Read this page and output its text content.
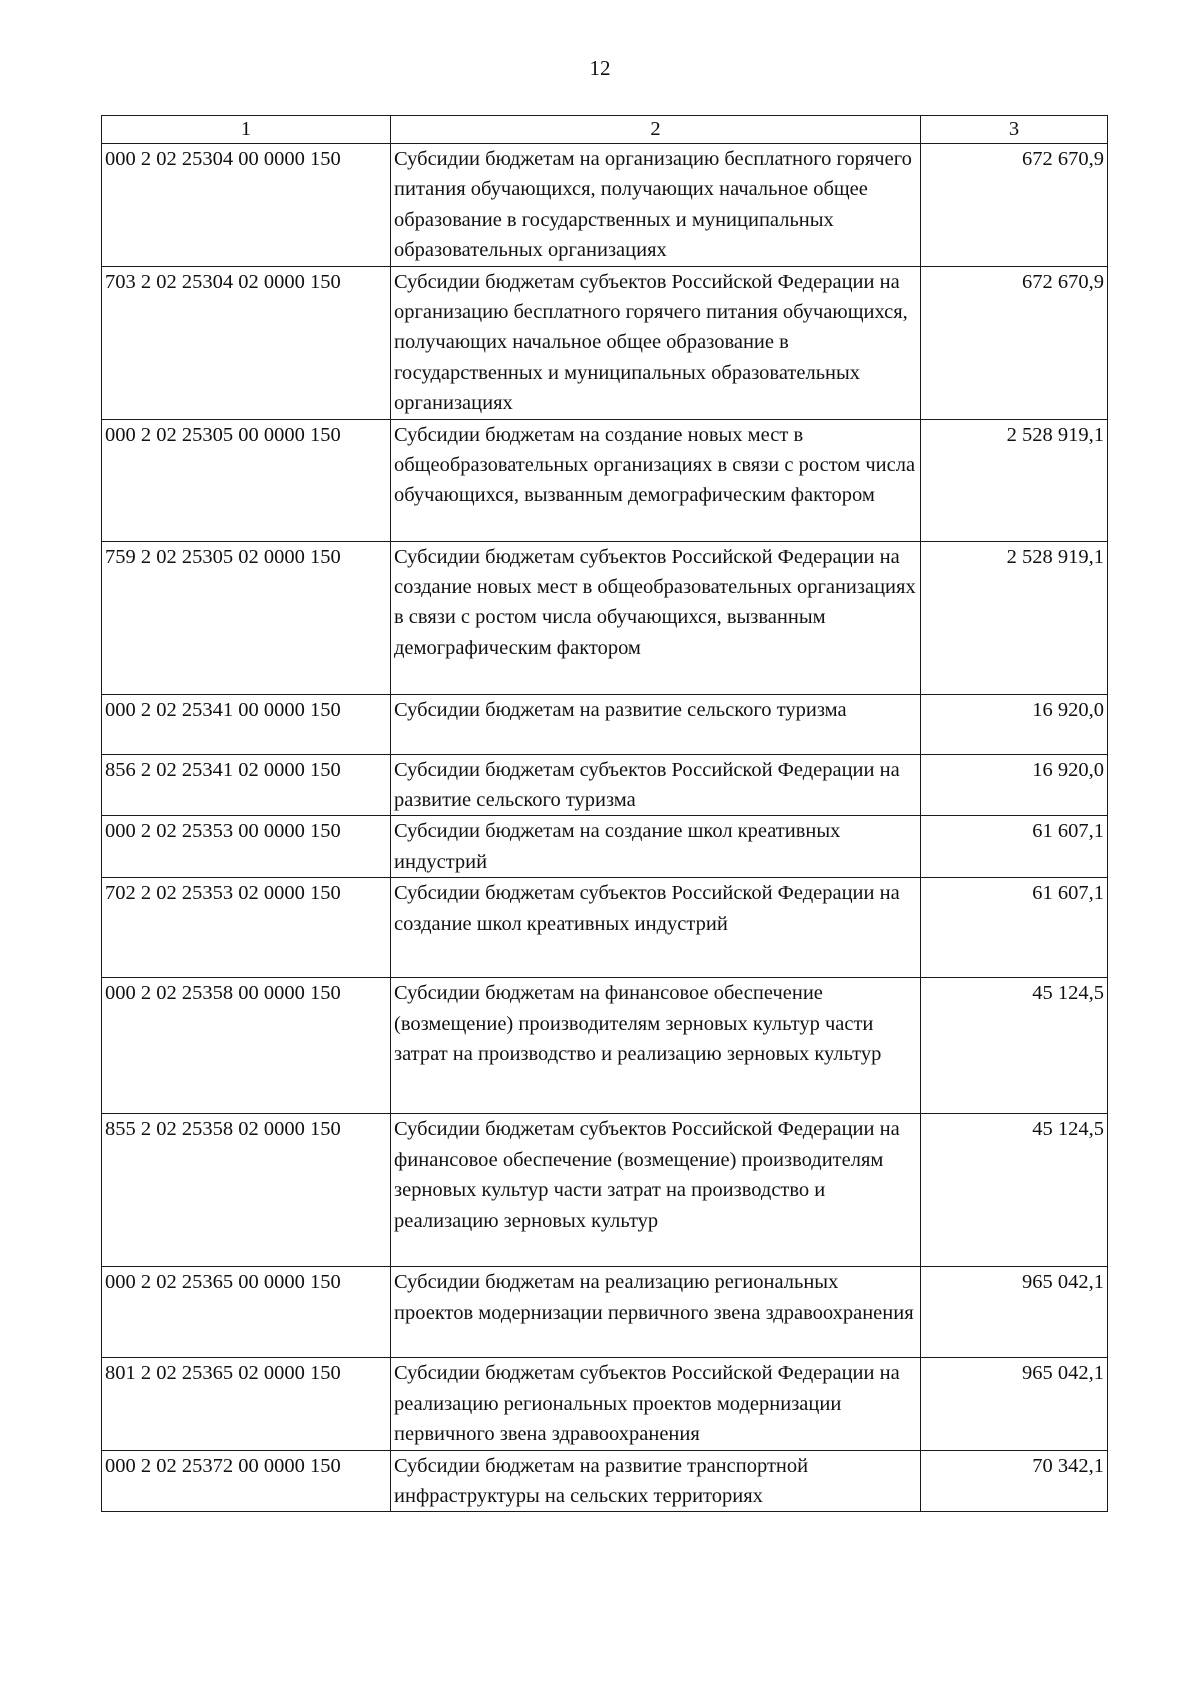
12
1	2	3
000 2 02 25304 00 0000 150	Субсидии бюджетам на организацию бесплатного горячего питания обучающихся, получающих начальное общее образование в государственных и муниципальных образовательных организациях	672 670,9
703 2 02 25304 02 0000 150	Субсидии бюджетам субъектов Российской Федерации на организацию бесплатного горячего питания обучающихся, получающих начальное общее образование в государственных и муниципальных образовательных организациях	672 670,9
000 2 02 25305 00 0000 150	Субсидии бюджетам на создание новых мест в общеобразовательных организациях в связи с ростом числа обучающихся, вызванным демографическим фактором	2 528 919,1
759 2 02 25305 02 0000 150	Субсидии бюджетам субъектов Российской Федерации на создание новых мест в общеобразовательных организациях в связи с ростом числа обучающихся, вызванным демографическим фактором	2 528 919,1
000 2 02 25341 00 0000 150	Субсидии бюджетам на развитие сельского туризма	16 920,0
856 2 02 25341 02 0000 150	Субсидии бюджетам субъектов Российской Федерации на развитие сельского туризма	16 920,0
000 2 02 25353 00 0000 150	Субсидии бюджетам на создание школ креативных индустрий	61 607,1
702 2 02 25353 02 0000 150	Субсидии бюджетам субъектов Российской Федерации на создание школ креативных индустрий	61 607,1
000 2 02 25358 00 0000 150	Субсидии бюджетам на финансовое обеспечение (возмещение) производителям зерновых культур части затрат на производство и реализацию зерновых культур	45 124,5
855 2 02 25358 02 0000 150	Субсидии бюджетам субъектов Российской Федерации на финансовое обеспечение (возмещение) производителям зерновых культур части затрат на производство и реализацию зерновых культур	45 124,5
000 2 02 25365 00 0000 150	Субсидии бюджетам на реализацию региональных проектов модернизации первичного звена здравоохранения	965 042,1
801 2 02 25365 02 0000 150	Субсидии бюджетам субъектов Российской Федерации на реализацию региональных проектов модернизации первичного звена здравоохранения	965 042,1
000 2 02 25372 00 0000 150	Субсидии бюджетам на развитие транспортной инфраструктуры на сельских территориях	70 342,1
